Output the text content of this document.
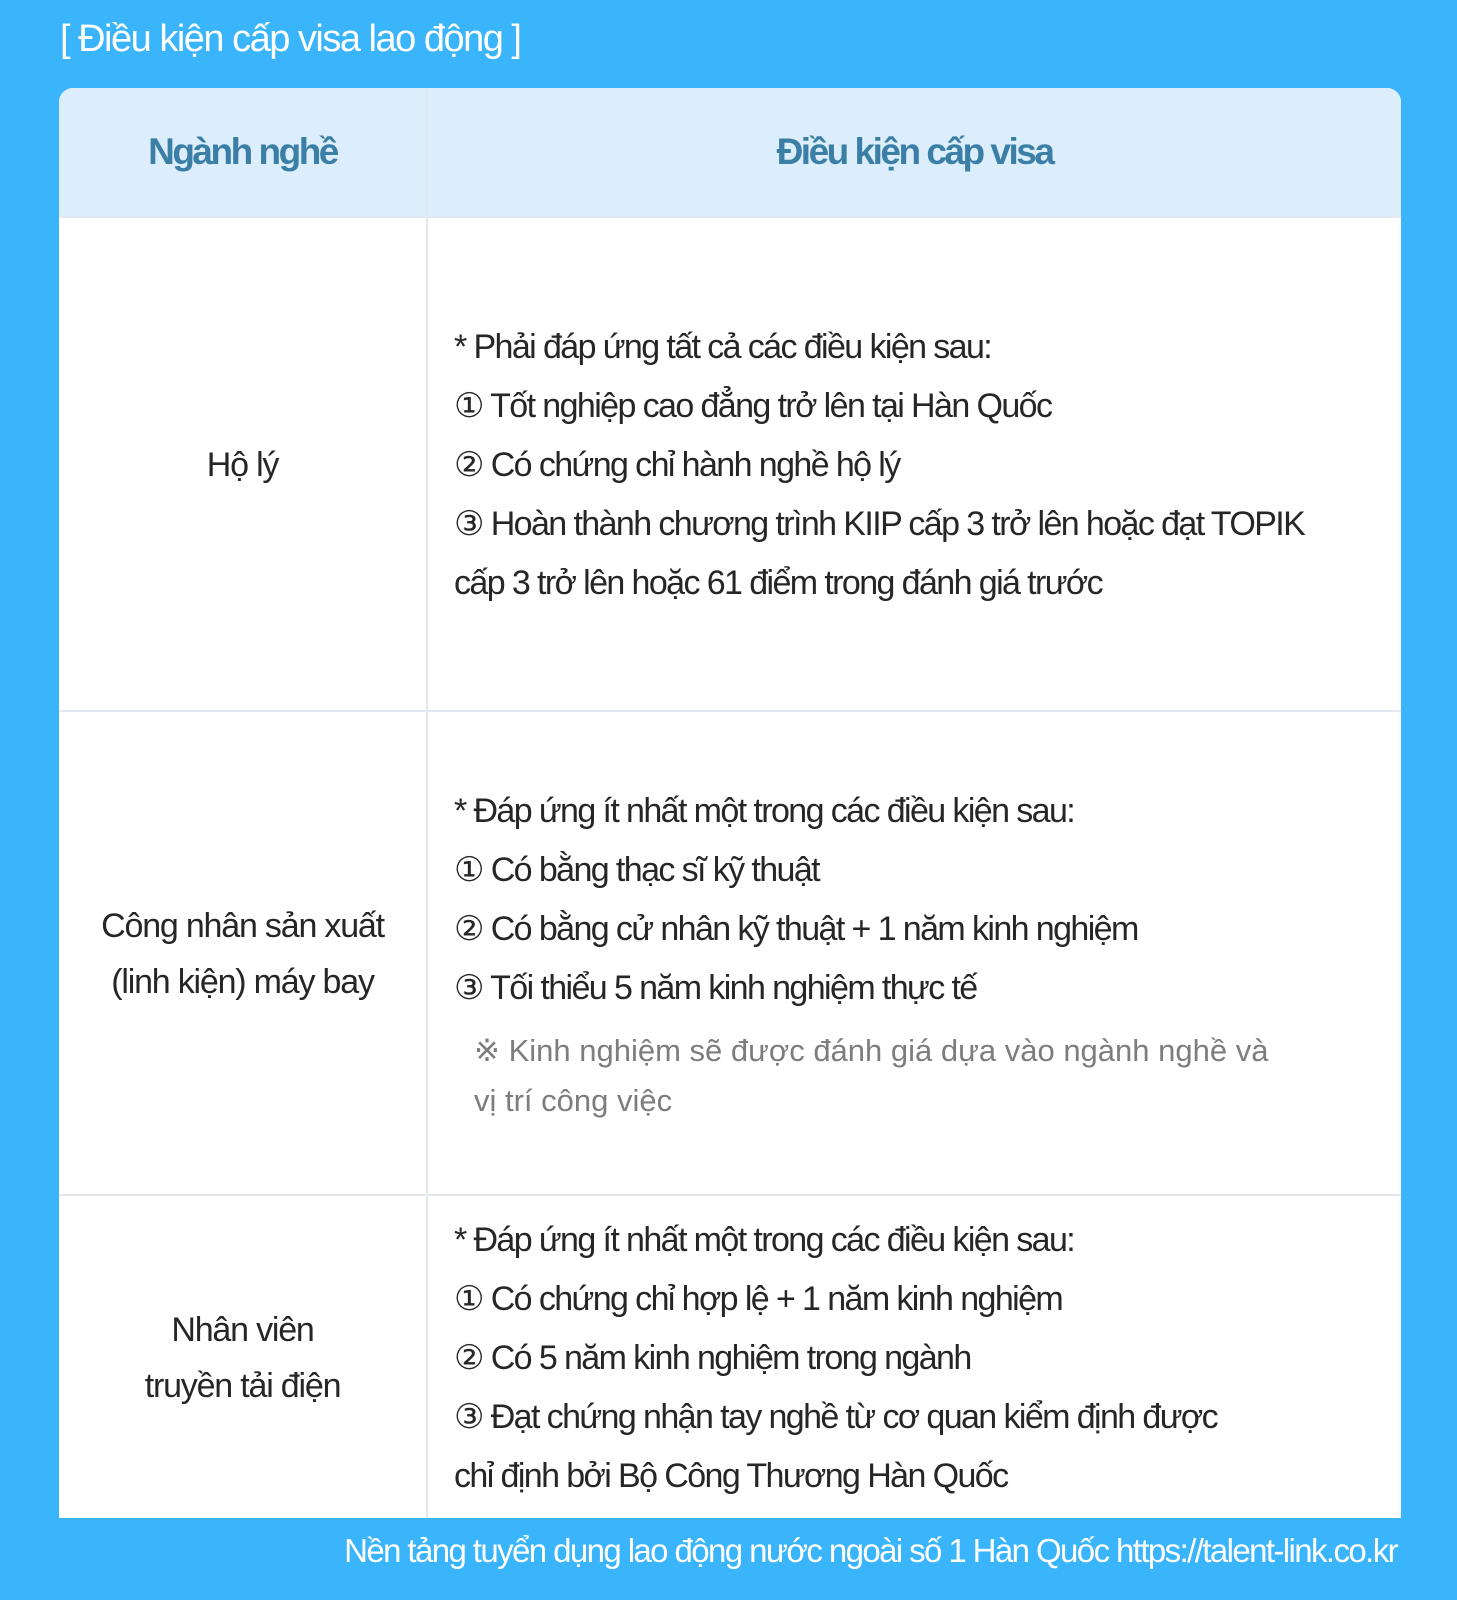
[ Điều kiện cấp visa lao động ]
Ngành nghề	Điều kiện cấp visa
Hộ lý
* Phải đáp ứng tất cả các điều kiện sau:
① Tốt nghiệp cao đẳng trở lên tại Hàn Quốc
② Có chứng chỉ hành nghề hộ lý
③ Hoàn thành chương trình KIIP cấp 3 trở lên hoặc đạt TOPIK
cấp 3 trở lên hoặc 61 điểm trong đánh giá trước
Công nhân sản xuất
(linh kiện) máy bay
* Đáp ứng ít nhất một trong các điều kiện sau:
① Có bằng thạc sĩ kỹ thuật
② Có bằng cử nhân kỹ thuật + 1 năm kinh nghiệm
③ Tối thiểu 5 năm kinh nghiệm thực tế
※ Kinh nghiệm sẽ được đánh giá dựa vào ngành nghề và
vị trí công việc
Nhân viên
truyền tải điện
* Đáp ứng ít nhất một trong các điều kiện sau:
① Có chứng chỉ hợp lệ + 1 năm kinh nghiệm
② Có 5 năm kinh nghiệm trong ngành
③ Đạt chứng nhận tay nghề từ cơ quan kiểm định được
chỉ định bởi Bộ Công Thương Hàn Quốc
Nền tảng tuyển dụng lao động nước ngoài số 1 Hàn Quốc https://talent-link.co.kr
